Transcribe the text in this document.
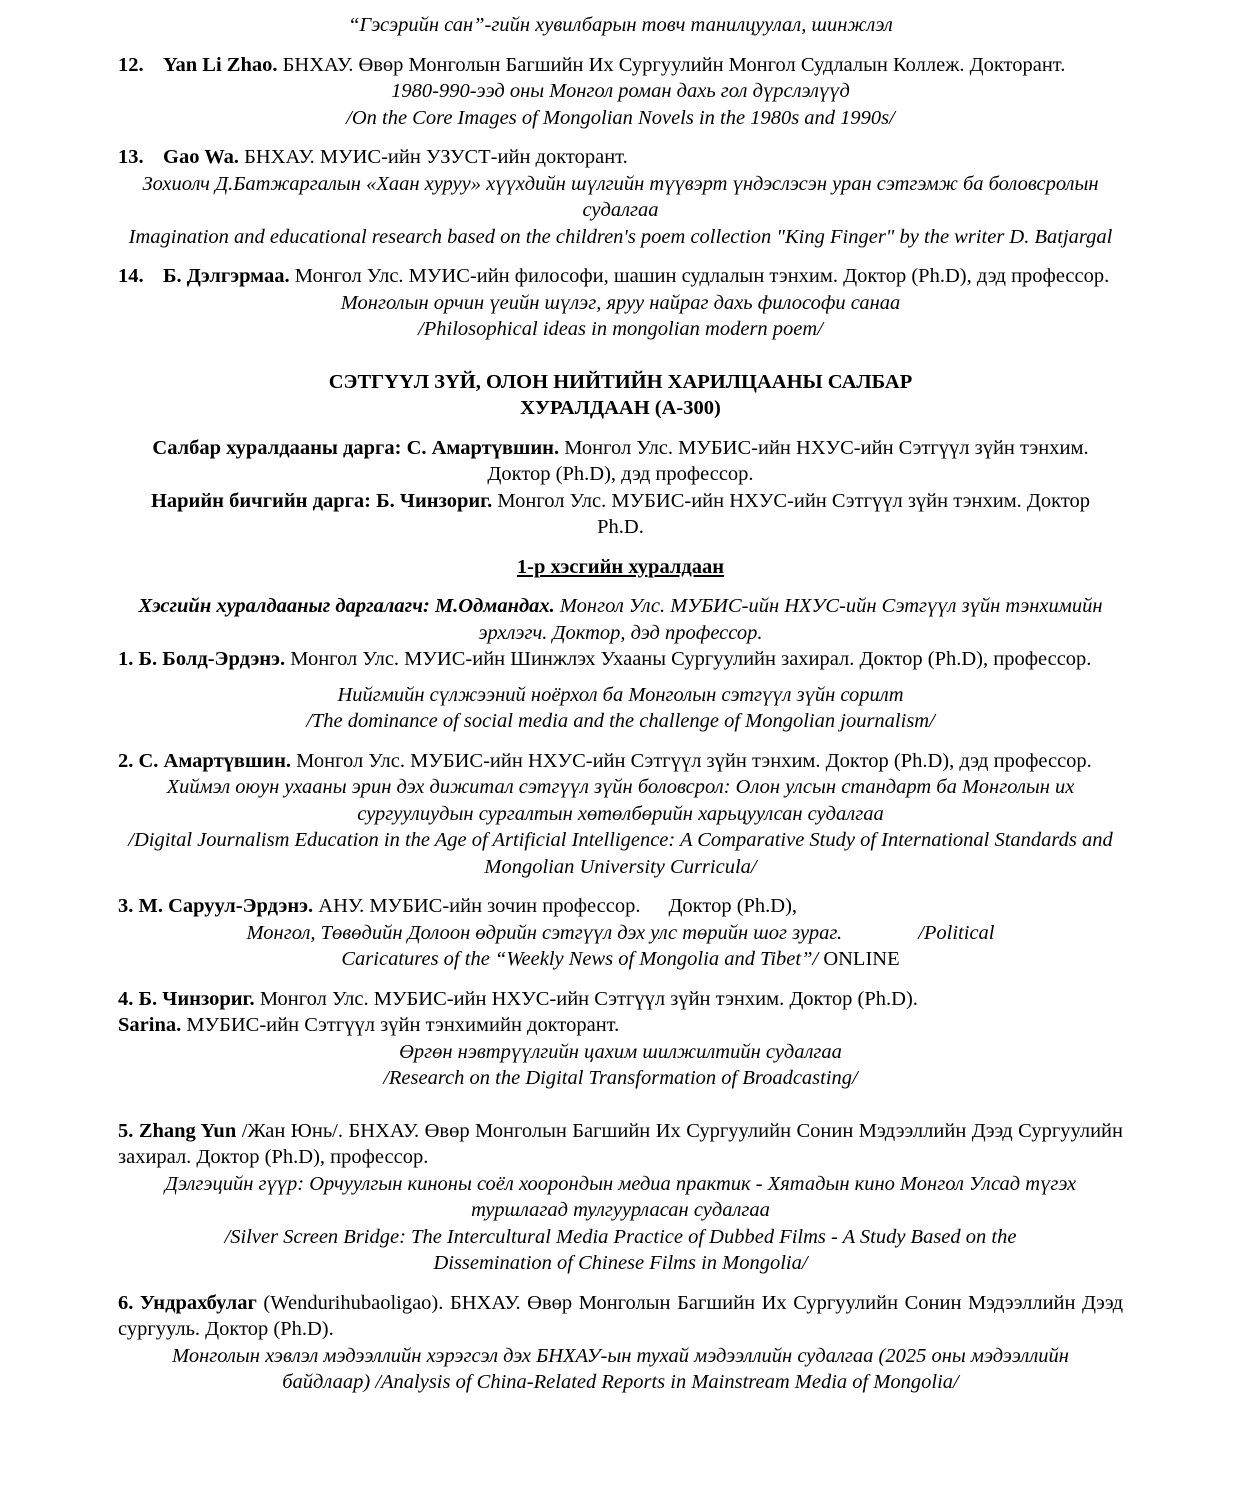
“Гэсэрийн сан”-гийн хувилбарын товч танилцуулал, шинжлэл
12. Yan Li Zhao. БНХАУ. Өвөр Монголын Багшийн Их Сургуулийн Монгол Судлалын Коллеж. Докторант.
1980-990-ээд оны Монгол роман дахь гол дүрслэлүүд
/On the Core Images of Mongolian Novels in the 1980s and 1990s/
13. Gao Wa. БНХАУ. МУИС-ийн УЗУСТ-ийн докторант.
Зохиолч Д.Батжаргалын «Хаан хуруу» хүүхдийн шүлгийн түүвэрт үндэслэсэн уран сэтгэмж ба боловсролын судалгаа
Imagination and educational research based on the children's poem collection "King Finger" by the writer D. Batjargal
14. Б. Дэлгэрмаа. Монгол Улс. МУИС-ийн философи, шашин судлалын тэнхим. Доктор (Ph.D), дэд профессор.
Монголын орчин үеийн шүлэг, яруу найраг дахь философи санаа
/Philosophical ideas in mongolian modern poem/
СЭТГҮҮЛ ЗҮЙ, ОЛОН НИЙТИЙН ХАРИЛЦААНЫ САЛБАР
ХУРАЛДААН (А-300)
Салбар хуралдааны дарга: С. Амартүвшин. Монгол Улс. МУБИС-ийн НХУС-ийн Сэтгүүл зүйн тэнхим. Доктор (Ph.D), дэд профессор.
Нарийн бичгийн дарга: Б. Чинзориг. Монгол Улс. МУБИС-ийн НХУС-ийн Сэтгүүл зүйн тэнхим. Доктор Ph.D.
1-р хэсгийн хуралдаан
Хэсгийн хуралдааныг даргалагч: М.Одмандах. Монгол Улс. МУБИС-ийн НХУС-ийн Сэтгүүл зүйн тэнхимийн эрхлэгч. Доктор, дэд профессор.
1. Б. Болд-Эрдэнэ. Монгол Улс. МУИС-ийн Шинжлэх Ухааны Сургуулийн захирал. Доктор (Ph.D), профессор.
Нийгмийн сүлжээний ноёрхол ба Монголын сэтгүүл зүйн сорилт
/The dominance of social media and the challenge of Mongolian journalism/
2. С. Амартүвшин. Монгол Улс. МУБИС-ийн НХУС-ийн Сэтгүүл зүйн тэнхим. Доктор (Ph.D), дэд профессор.
Хиймэл оюун ухааны эрин дэх дижитал сэтгүүл зүйн боловсрол: Олон улсын стандарт ба Монголын их сургуулиудын сургалтын хөтөлбөрийн харьцуулсан судалгаа
/Digital Journalism Education in the Age of Artificial Intelligence: A Comparative Study of International Standards and Mongolian University Curricula/
3. М. Саруул-Эрдэнэ. АНУ. МУБИС-ийн зочин профессор. Доктор (Ph.D),
Монгол, Төвөдийн Долоон өдрийн сэтгүүл дэх улс төрийн шог зураг.	/Political
Caricatures of the “Weekly News of Mongolia and Tibet”/ ONLINE
4. Б. Чинзориг. Монгол Улс. МУБИС-ийн НХУС-ийн Сэтгүүл зүйн тэнхим. Доктор (Ph.D).
Sarina. МУБИС-ийн Сэтгүүл зүйн тэнхимийн докторант.
Өргөн нэвтрүүлгийн цахим шилжилтийн судалгаа
/Research on the Digital Transformation of Broadcasting/
5. Zhang Yun /Жан Юнь/. БНХАУ. Өвөр Монголын Багшийн Их Сургуулийн Сонин Мэдээллийн Дээд Сургуулийн захирал. Доктор (Ph.D), профессор.
Дэлгэцийн гүүр: Орчуулгын киноны соёл хоорондын медиа практик - Хятадын кино Монгол Улсад түгэх туршлагад тулгуурласан судалгаа
/Silver Screen Bridge: The Intercultural Media Practice of Dubbed Films - A Study Based on the Dissemination of Chinese Films in Mongolia/
6. Ундрахбулаг (Wendurihubaoligao). БНХАУ. Өвөр Монголын Багшийн Их Сургуулийн Сонин Мэдээллийн Дээд сургууль. Доктор (Ph.D).
Монголын хэвлэл мэдээллийн хэрэгсэл дэх БНХАУ-ын тухай мэдээллийн судалгаа (2025 оны мэдээллийн байдлаар) /Analysis of China-Related Reports in Mainstream Media of Mongolia/
